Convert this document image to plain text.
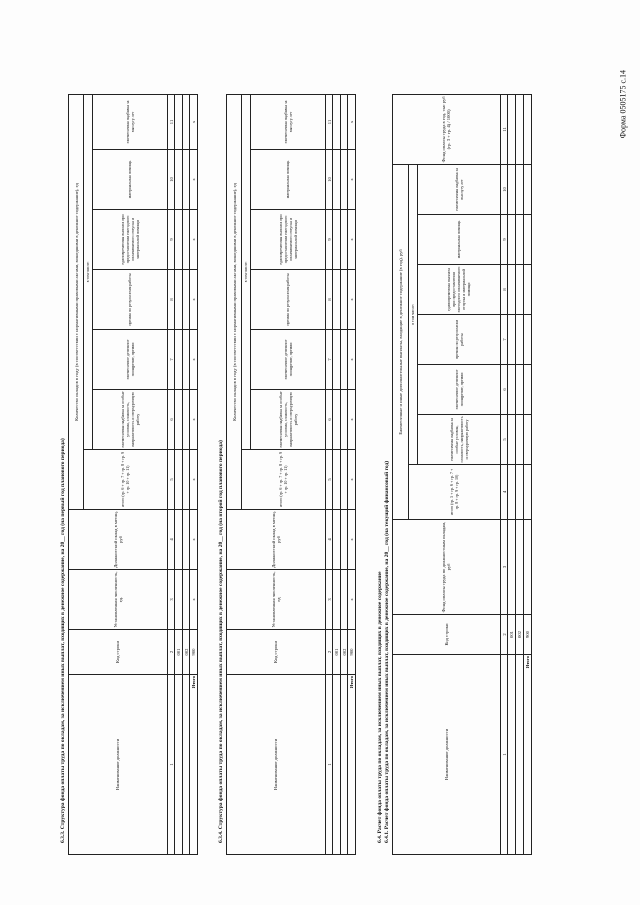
Форма 0505175 с.14
6.3.3. Структура фонда оплаты труда по окладам, за исключением иных выплат, входящих в денежное содержание, на 20__ год (на первый год планового периода)	Наименование должности	Код строки	Установленная численность, ед.	Должностной оклад в месяц, руб	Количество окладов в году (в соответствии с нормативными правовыми актами, вошедшими в денежное содержание), ед						
				итого (гр. 6 + гр. 7 + гр. 8 + гр. 9 + гр. 10 + гр. 11)	в том числе:					
					ежемесячная надбавка за особые условия, сложность, напряженность и сверхурочную работу	ежемесячное денежное поощрение, премии	премия по результатам работы	единовременная выплата при предоставлении ежегодного оплачиваемого отпуска и материальной помощи	материальная помощь	ежемесячная надбавка за выслугу лет
1	2	3	4	5	6	7	8	9	10	11
	001									
	002									
Итого	900	x	x	x	x	x	x	x	x	x
6.3.4. Структура фонда оплаты труда по окладам, за исключением иных выплат, входящих в денежное содержание, на 20__ год (на второй год планового периода)	Наименование должности	Код строки	Установленная численность, ед	Должностной оклад в месяц, руб	Количество окладов в году (в соответствии с нормативными правовыми актами, вошедшими в денежное содержание), ед						
				итого (гр. 6 + гр. 7 + гр. 8 + гр. 9 + гр. 10 + гр. 11)	в том числе:					
					ежемесячная надбавка за особые условия, сложность, напряженность и сверхурочную работу	ежемесячное денежное поощрение, премии	премия по результатам работы	единовременная выплата при предоставлении ежегодного оплачиваемого отпуска и материальной помощи	материальная помощь	ежемесячная надбавка за выслугу лет
1	2	3	4	5	6	7	8	9	10	11
	001									
	002									
Итого	900	x	x	x	x	x	x	x	x	x
6.4. Расчет фонда оплаты труда по окладам, за исключением иных выплат, входящих в денежное содержание 6.4.1. Расчет фонда оплаты труда по окладам, за исключением иных выплат, входящих в денежное содержание, на 20__ год (на текущий финансовый год)	Наименование должности	Код строки	Фонд оплаты труда по должностным окладам, руб	Ежемесячные и иные дополнительные выплаты, входящие в денежное содержание (в год), руб							Фонд оплаты труда в год, тыс руб (гр. 3 + гр. 4) / 1000)
			итого (гр. 5 + гр. 6 + гр. 7 + гр. 8 + гр. 9 + гр. 10)	в том числе:						
				ежемесячная надбавка за особые условия, сложность, напряженность и сверхурочную работу	ежемесячное денежное поощрение, премии	премия по результатам работы	единовременная выплата при предоставлении ежегодного оплачиваемого отпуска и материальной помощи	материальная помощь	ежемесячная надбавка за выслугу лет	
1	2	3	4	5	6	7	8	9	10	11
	001									
	002									
Итого	900									
